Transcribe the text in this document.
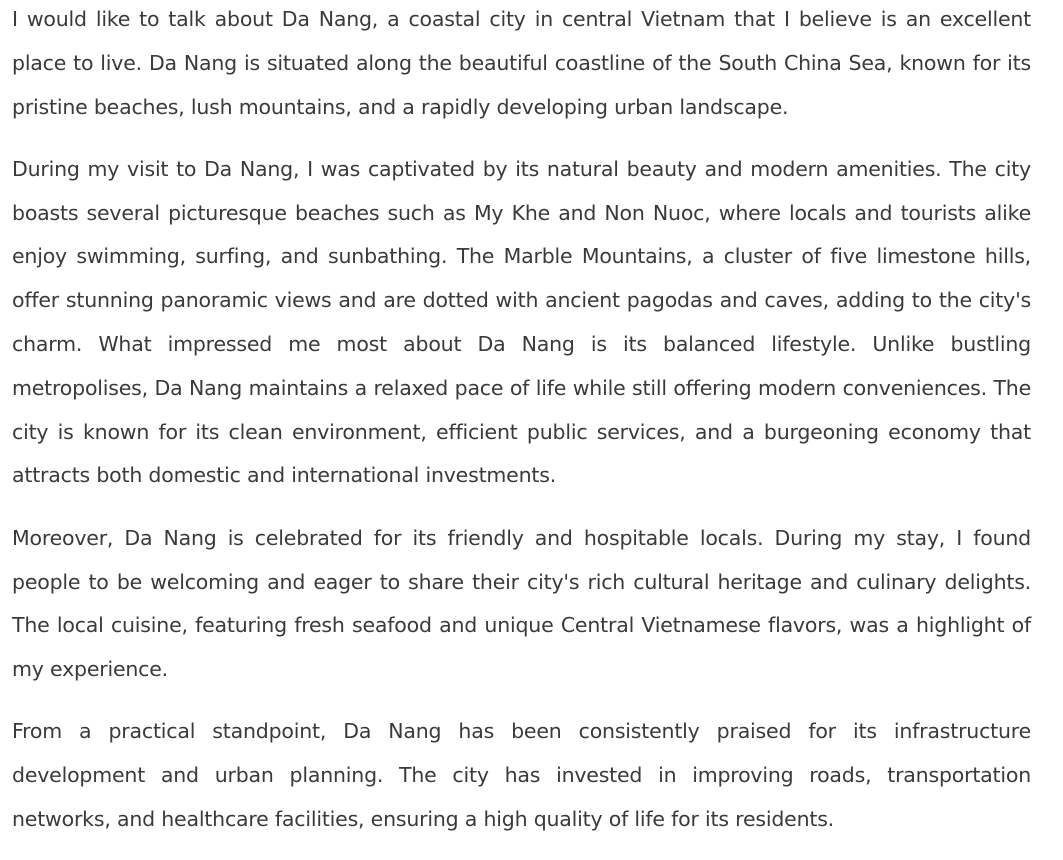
I would like to talk about Da Nang, a coastal city in central Vietnam that I believe is an excellent place to live. Da Nang is situated along the beautiful coastline of the South China Sea, known for its pristine beaches, lush mountains, and a rapidly developing urban landscape.

During my visit to Da Nang, I was captivated by its natural beauty and modern amenities. The city boasts several picturesque beaches such as My Khe and Non Nuoc, where locals and tourists alike enjoy swimming, surfing, and sunbathing. The Marble Mountains, a cluster of five limestone hills, offer stunning panoramic views and are dotted with ancient pagodas and caves, adding to the city's charm. What impressed me most about Da Nang is its balanced lifestyle. Unlike bustling metropolises, Da Nang maintains a relaxed pace of life while still offering modern conveniences. The city is known for its clean environment, efficient public services, and a burgeoning economy that attracts both domestic and international investments.

Moreover, Da Nang is celebrated for its friendly and hospitable locals. During my stay, I found people to be welcoming and eager to share their city's rich cultural heritage and culinary delights. The local cuisine, featuring fresh seafood and unique Central Vietnamese flavors, was a highlight of my experience.

From a practical standpoint, Da Nang has been consistently praised for its infrastructure development and urban planning. The city has invested in improving roads, transportation networks, and healthcare facilities, ensuring a high quality of life for its residents.
